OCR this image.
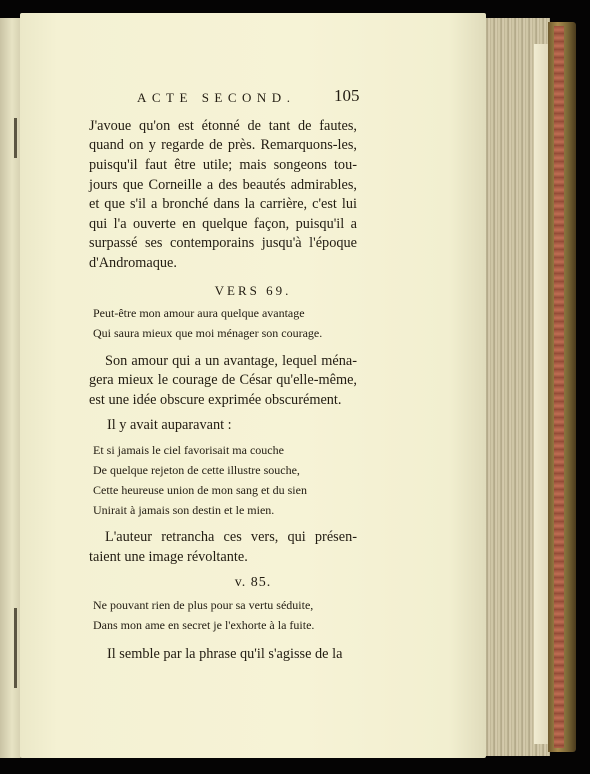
ACTE SECOND. 105
J'avoue qu'on est étonné de tant de fautes,
quand on y regarde de près. Remarquons-les,
puisqu'il faut être utile; mais songeons tou-
jours que Corneille a des beautés admirables,
et que s'il a bronché dans la carrière, c'est lui
qui l'a ouverte en quelque façon, puisqu'il a
surpassé ses contemporains jusqu'à l'époque
d'Andromaque.
VERS 69.
Peut-être mon amour aura quelque avantage
Qui saura mieux que moi ménager son courage.
Son amour qui a un avantage, lequel ména-
gera mieux le courage de César qu'elle-même,
est une idée obscure exprimée obscurément.
Il y avait auparavant :
Et si jamais le ciel favorisait ma couche
De quelque rejeton de cette illustre souche,
Cette heureuse union de mon sang et du sien
Unirait à jamais son destin et le mien.
L'auteur retrancha ces vers, qui présen-
taient une image révoltante.
v. 85.
Ne pouvant rien de plus pour sa vertu séduite,
Dans mon ame en secret je l'exhorte à la fuite.
Il semble par la phrase qu'il s'agisse de la
